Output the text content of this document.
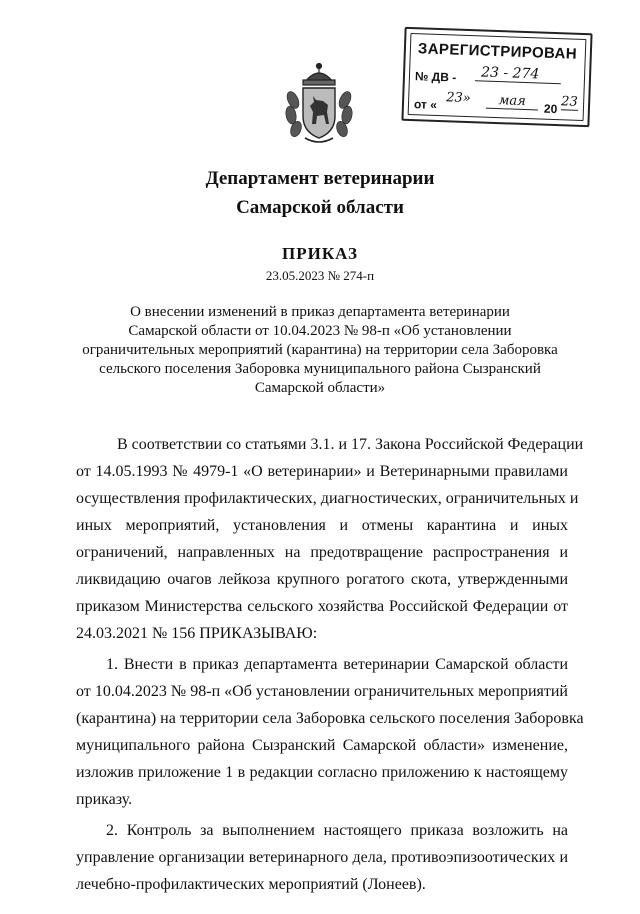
ЗАРЕГИСТРИРОВАН
№ ДВ -	23 - 274
от « 23»	мая	20 23
Департамент ветеринарии
Самарской области
ПРИКАЗ
23.05.2023 № 274-п
О внесении изменений в приказ департамента ветеринарии
Самарской области от 10.04.2023 № 98-п «Об установлении
ограничительных мероприятий (карантина) на территории села Заборовка
сельского поселения Заборовка муниципального района Сызранский
Самарской области»
В соответствии со статьями 3.1. и 17. Закона Российской Федерации
от 14.05.1993 № 4979-1 «О ветеринарии» и Ветеринарными правилами
осуществления профилактических, диагностических, ограничительных и
иных мероприятий, установления и отмены карантина и иных
ограничений, направленных на предотвращение распространения и
ликвидацию очагов лейкоза крупного рогатого скота, утвержденными
приказом Министерства сельского хозяйства Российской Федерации от
24.03.2021 № 156 ПРИКАЗЫВАЮ:
1. Внести в приказ департамента ветеринарии Самарской области
от 10.04.2023 № 98-п «Об установлении ограничительных мероприятий
(карантина) на территории села Заборовка сельского поселения Заборовка
муниципального района Сызранский Самарской области» изменение,
изложив приложение 1 в редакции согласно приложению к настоящему
приказу.
2. Контроль за выполнением настоящего приказа возложить на
управление организации ветеринарного дела, противоэпизоотических и
лечебно-профилактических мероприятий (Лонеев).
